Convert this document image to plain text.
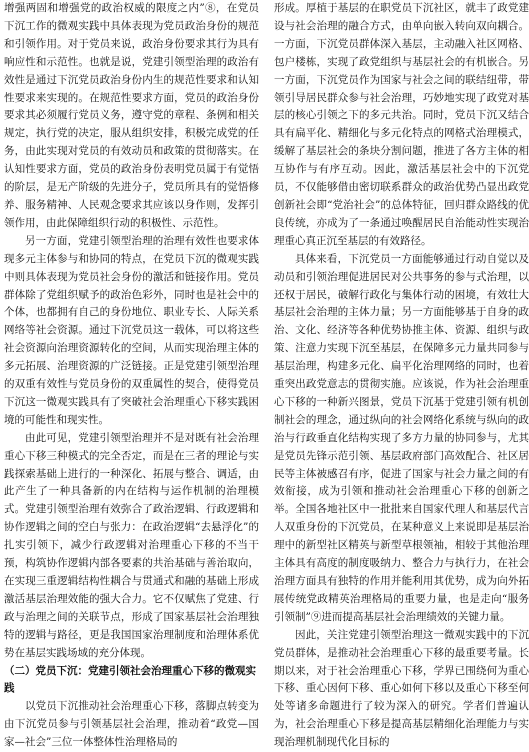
增强两固和增强党的政治权威的限度之内”⑧，在党员下沉工作的微观实践中具体表现为党员政治身份的规范和引领作用。对于党员来说，政治身份要求其行为具有响应性和示范性。也就是说，党建引领型治理的政治有效性是通过下沉党员政治身份内生的规范性要求和认知性要求来实现的。在规范性要求方面，党员的政治身份要求其必须履行党员义务，遵守党的章程、条例和相关规定，执行党的决定，服从组织安排，积极完成党的任务，由此实现对党员的有效动员和政策的贯彻落实。在认知性要求方面，党员的政治身份表明党员属于有觉悟的阶层，是无产阶级的先进分子，党员所具有的觉悟修养、服务精神、人民观念要求其应该以身作则，发挥引领作用，由此保障组织行动的积极性、示范性。

另一方面，党建引领型治理的治理有效性也要求体现多元主体参与和协同的特点，在党员下沉的微观实践中则具体表现为党员社会身份的激活和链接作用。党员群体除了党组织赋予的政治色彩外，同时也是社会中的个体，也都拥有自己的身份地位、职业专长、人际关系网络等社会资源。通过下沉党员这一载体，可以将这些社会资源向治理资源转化的空间，从而实现治理主体的多元拓展、治理资源的广泛链接。正是党建引领型治理的双重有效性与党员身份的双重属性的契合，使得党员下沉这一微观实践具有了突破社会治理重心下移实践困境的可能性和现实性。

由此可见，党建引领型治理并不是对既有社会治理重心下移三种模式的完全否定，而是在三者的理论与实践探索基础上进行的一种深化、拓展与整合、调适，由此产生了一种具备新的内在结构与运作机制的治理模式。党建引领型治理有效弥合了政治逻辑、行政逻辑和协作逻辑之间的空白与张力：在政治逻辑“去悬浮化”的扎实引领下，减少行政逻辑对治理重心下移的不当干预，构筑协作逻辑内部各要素的共治基础与善治取向，在实现三重逻辑结构性耦合与贯通式和融的基础上形成激活基层治理效能的强大合力。它不仅赋焦了党建、行政与治理之间的关联节点，形成了国家基层社会治理独特的逻辑与路径，更是我国国家治理制度和治理体系优势在基层实践场域的充分体现。

（二）党员下沉：党建引领社会治理重心下移的微观实践

以党员下沉推动社会治理重心下移，落脚点转变为由下沉党员参与引领基层社会治理，推动着“政党—国家—社会”三位一体整体性治理格局的

形成。厚植于基层的在职党员下沉社区，就丰了政党建设与社会治理的融合方式，由单向嵌入转向双向耦合。一方面，下沉党员群体深入基层，主动融入社区网格、包户楼栋，实现了政党组织与基层社会的有机嵌合。另一方面，下沉党员作为国家与社会之间的联结纽带，带领引导居民群众参与社会治理，巧妙地实现了政党对基层的核心引领之下的多元共治。同时，党员下沉又结合具有扁平化、精细化与多元化特点的网格式治理模式，缓解了基层社会的条块分割问题，推进了各方主体的相互协作与有序互动。因此，激活基层社会中的下沉党员，不仅能够借由密切联系群众的政治优势凸显出政党创新社会即“党治社会”的总体特征，回归群众路线的优良传统，亦成为了一条通过唤醒居民自治能动性实现治理重心真正沉至基层的有效路径。

具体来看，下沉党员一方面能够通过行动自觉以及动员和引领治理促进居民对公共事务的参与式治理，以还权于居民，破解行政化与集体行动的困境，有效壮大基层社会治理的主体力量；另一方面能够基于自身的政治、文化、经济等各种优势协推主体、资源、组织与政策、注意力实现下沉至基层，在保障多元力量共同参与基层治理，构建多元化、扁平化治理网络的同时，也着重突出政党意志的贯彻实施。应该说，作为社会治理重心下移的一种新兴图景，党员下沉基于党建引领有机创制社会的理念，通过纵向的社会网络化系统与纵向的政治与行政垂直化结构实现了多方力量的协同参与，尤其是党员先锋示范引领、基层政府部门高效配合、社区居民等主体被感召有序，促进了国家与社会力量之间的有效衔接，成为引领和推动社会治理重心下移的创新之举。全国各地社区中一批批来自国家代理人和基层代言人双重身份的下沉党员，在某种意义上来说即是基层治理中的新型社区精英与新型草根领袖，相较于其他治理主体具有高度的制度吸纳力、整合力与执行力，在社会治理方面具有独特的作用并能利用其优势，成为向外拓展传统党政精英治理格局的重要力量，也是走向“服务引领制”⑨进而提高基层社会治理绩效的关键力量。

因此，关注党建引领型治理这一微观实践中的下沉党员群体，是推动社会治理重心下移的最重要考量。长期以来，对于社会治理重心下移，学界已围绕何为重心下移、重心因何下移、重心如何下移以及重心下移至何处等诸多命题进行了较为深入的研究。学者们普遍认为，社会治理重心下移是提高基层精细化治理能力与实现治理机制现代化目标的
